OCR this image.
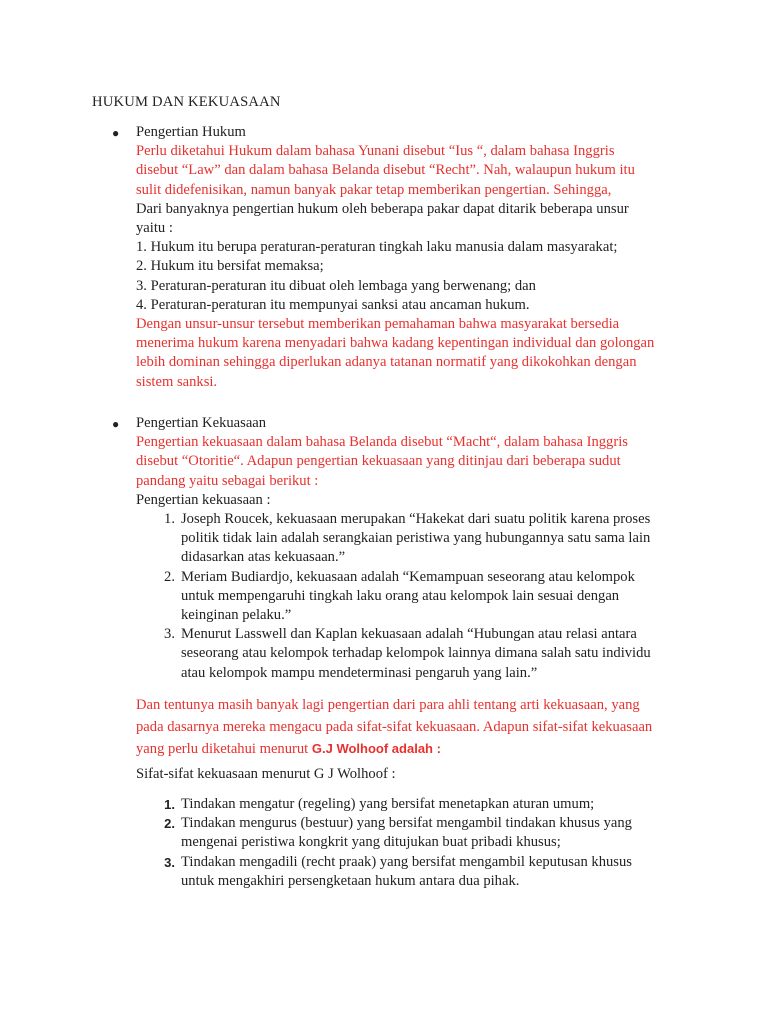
HUKUM DAN KEKUASAAN
● Pengertian Hukum
Perlu diketahui Hukum dalam bahasa Yunani disebut “Ius “, dalam bahasa Inggris
disebut “Law” dan dalam bahasa Belanda disebut “Recht”. Nah, walaupun hukum itu
sulit didefenisikan, namun banyak pakar tetap memberikan pengertian. Sehingga,
Dari banyaknya pengertian hukum oleh beberapa pakar dapat ditarik beberapa unsur
yaitu :
1. Hukum itu berupa peraturan-peraturan tingkah laku manusia dalam masyarakat;
2. Hukum itu bersifat memaksa;
3. Peraturan-peraturan itu dibuat oleh lembaga yang berwenang; dan
4. Peraturan-peraturan itu mempunyai sanksi atau ancaman hukum.
Dengan unsur-unsur tersebut memberikan pemahaman bahwa masyarakat bersedia
menerima hukum karena menyadari bahwa kadang kepentingan individual dan golongan
lebih dominan sehingga diperlukan adanya tatanan normatif yang dikokohkan dengan
sistem sanksi.
● Pengertian Kekuasaan
Pengertian kekuasaan dalam bahasa Belanda disebut “Macht“, dalam bahasa Inggris
disebut “Otoritie“. Adapun pengertian kekuasaan yang ditinjau dari beberapa sudut
pandang yaitu sebagai berikut :
Pengertian kekuasaan :
1. Joseph Roucek, kekuasaan merupakan “Hakekat dari suatu politik karena proses
politik tidak lain adalah serangkaian peristiwa yang hubungannya satu sama lain
didasarkan atas kekuasaan.”
2. Meriam Budiardjo, kekuasaan adalah “Kemampuan seseorang atau kelompok
untuk mempengaruhi tingkah laku orang atau kelompok lain sesuai dengan
keinginan pelaku.”
3. Menurut Lasswell dan Kaplan kekuasaan adalah “Hubungan atau relasi antara
seseorang atau kelompok terhadap kelompok lainnya dimana salah satu individu
atau kelompok mampu mendeterminasi pengaruh yang lain.”
Dan tentunya masih banyak lagi pengertian dari para ahli tentang arti kekuasaan, yang
pada dasarnya mereka mengacu pada sifat-sifat kekuasaan. Adapun sifat-sifat kekuasaan
yang perlu diketahui menurut G.J Wolhoof adalah :
Sifat-sifat kekuasaan menurut G J Wolhoof :
1. Tindakan mengatur (regeling) yang bersifat menetapkan aturan umum;
2. Tindakan mengurus (bestuur) yang bersifat mengambil tindakan khusus yang
mengenai peristiwa kongkrit yang ditujukan buat pribadi khusus;
3. Tindakan mengadili (recht praak) yang bersifat mengambil keputusan khusus
untuk mengakhiri persengketaan hukum antara dua pihak.
